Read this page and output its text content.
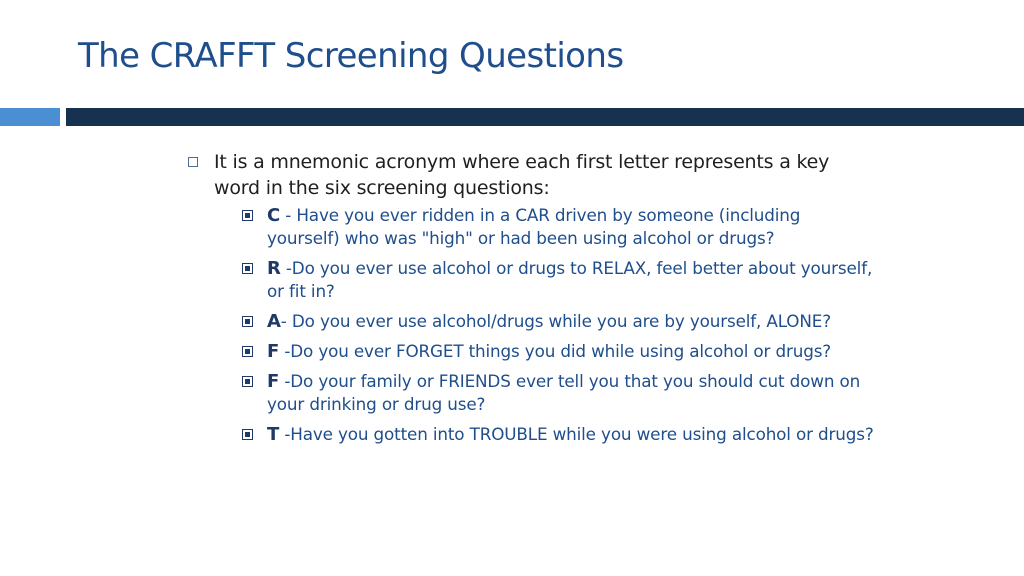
The CRAFFT Screening Questions
It is a mnemonic acronym where each first letter represents a key word in the six screening questions:
C - Have you ever ridden in a CAR driven by someone (including yourself) who was "high" or had been using alcohol or drugs?
R -Do you ever use alcohol or drugs to RELAX, feel better about yourself, or fit in?
A- Do you ever use alcohol/drugs while you are by yourself, ALONE?
F -Do you ever FORGET things you did while using alcohol or drugs?
F -Do your family or FRIENDS ever tell you that you should cut down on your drinking or drug use?
T -Have you gotten into TROUBLE while you were using alcohol or drugs?
